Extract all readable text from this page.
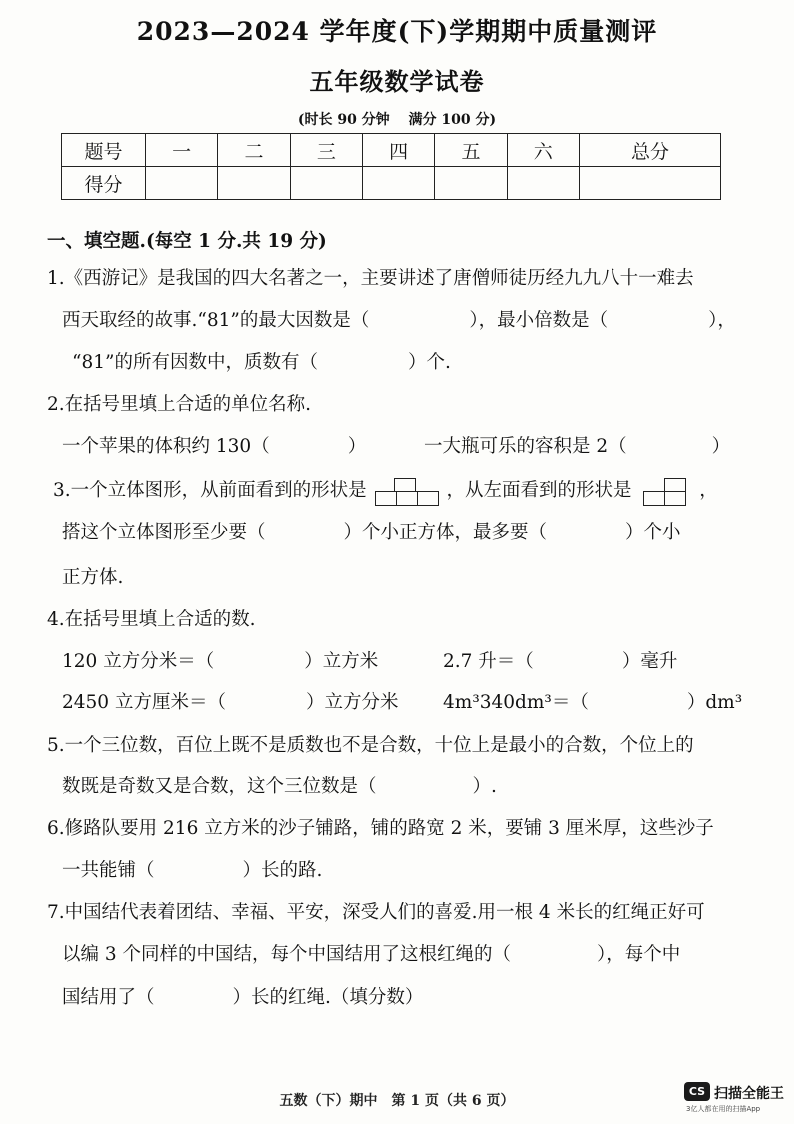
2023—2024 学年度(下)学期期中质量测评
五年级数学试卷
(时长 90 分钟　 满分 100 分)
题号	一	二	三	四	五	六	总分
得分							
一、填空题.(每空 1 分.共 19 分)
1.《西游记》是我国的四大名著之一，主要讲述了唐僧师徒历经九九八十一难去
西天取经的故事.“81”的最大因数是（	），最小倍数是（	），
“81”的所有因数中，质数有（	）个.
2.在括号里填上合适的单位名称.
一个苹果的体积约 130（	）	一大瓶可乐的容积是 2（	）
3.一个立体图形，从前面看到的形状是	，从左面看到的形状是	，
搭这个立体图形至少要（	）个小正方体，最多要（	）个小
正方体.
4.在括号里填上合适的数.
120 立方分米＝（	）立方米	2.7 升＝（	）毫升
2450 立方厘米＝（	）立方分米 4m³340dm³＝（	）dm³
5.一个三位数，百位上既不是质数也不是合数，十位上是最小的合数，个位上的
数既是奇数又是合数，这个三位数是（	）.
6.修路队要用 216 立方米的沙子铺路，铺的路宽 2 米，要铺 3 厘米厚，这些沙子
一共能铺（	）长的路.
7.中国结代表着团结、幸福、平安，深受人们的喜爱.用一根 4 米长的红绳正好可
以编 3 个同样的中国结，每个中国结用了这根红绳的（	），每个中
国结用了（	）长的红绳.（填分数）
五数（下）期中　第 1 页（共 6 页）
CS 扫描全能王
3亿人都在用的扫描App
